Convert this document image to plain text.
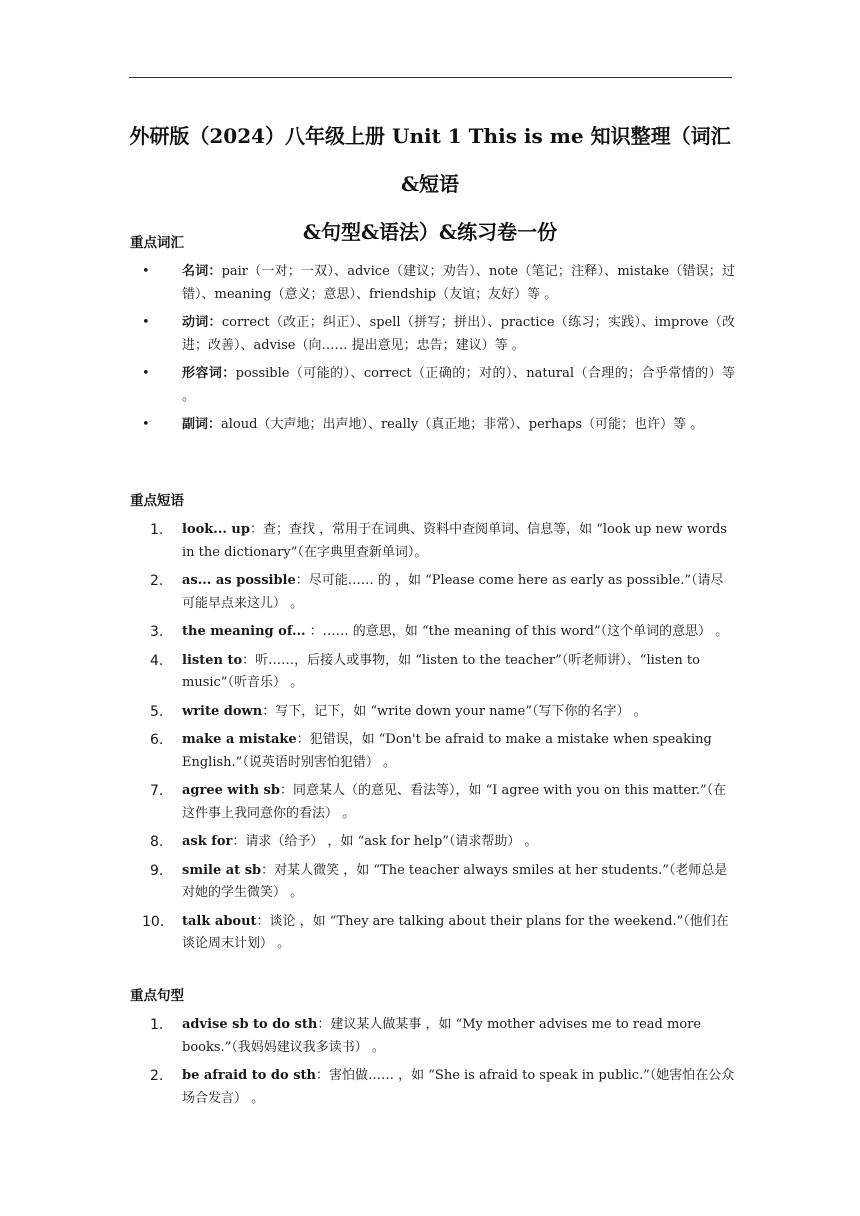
外研版（2024）八年级上册 Unit 1 This is me 知识整理（词汇&短语
&句型&语法）&练习卷一份
重点词汇
• 名词：pair（一对；一双）、advice（建议；劝告）、note（笔记；注释）、mistake（错误；过错）、meaning（意义；意思）、friendship（友谊；友好）等 。
• 动词：correct（改正；纠正）、spell（拼写；拼出）、practice（练习；实践）、improve（改进；改善）、advise（向…… 提出意见；忠告；建议）等 。
• 形容词：possible（可能的）、correct（正确的；对的）、natural（合理的；合乎常情的）等 。
• 副词：aloud（大声地；出声地）、really（真正地；非常）、perhaps（可能；也许）等 。
重点短语
1.	look... up：查；查找 ，常用于在词典、资料中查阅单词、信息等，如 “look up new words in the dictionary”（在字典里查新单词）。
2.	as... as possible：尽可能…… 的 ，如 “Please come here as early as possible.”（请尽可能早点来这儿） 。
3.	the meaning of... ：…… 的意思，如 “the meaning of this word”（这个单词的意思） 。
4.	listen to：听……，后接人或事物，如 “listen to the teacher”（听老师讲）、“listen to music”（听音乐） 。
5.	write down：写下，记下，如 “write down your name”（写下你的名字） 。
6.	make a mistake：犯错误，如 “Don't be afraid to make a mistake when speaking English.”（说英语时别害怕犯错） 。
7.	agree with sb：同意某人（的意见、看法等），如 “I agree with you on this matter.”（在这件事上我同意你的看法） 。
8.	ask for：请求（给予） ，如 “ask for help”（请求帮助） 。
9.	smile at sb：对某人微笑 ，如 “The teacher always smiles at her students.”（老师总是对她的学生微笑） 。
10.	talk about：谈论 ，如 “They are talking about their plans for the weekend.”（他们在谈论周末计划） 。
重点句型
1.	advise sb to do sth：建议某人做某事 ，如 “My mother advises me to read more books.”（我妈妈建议我多读书） 。
2.	be afraid to do sth：害怕做…… ，如 “She is afraid to speak in public.”（她害怕在公众场合发言） 。
